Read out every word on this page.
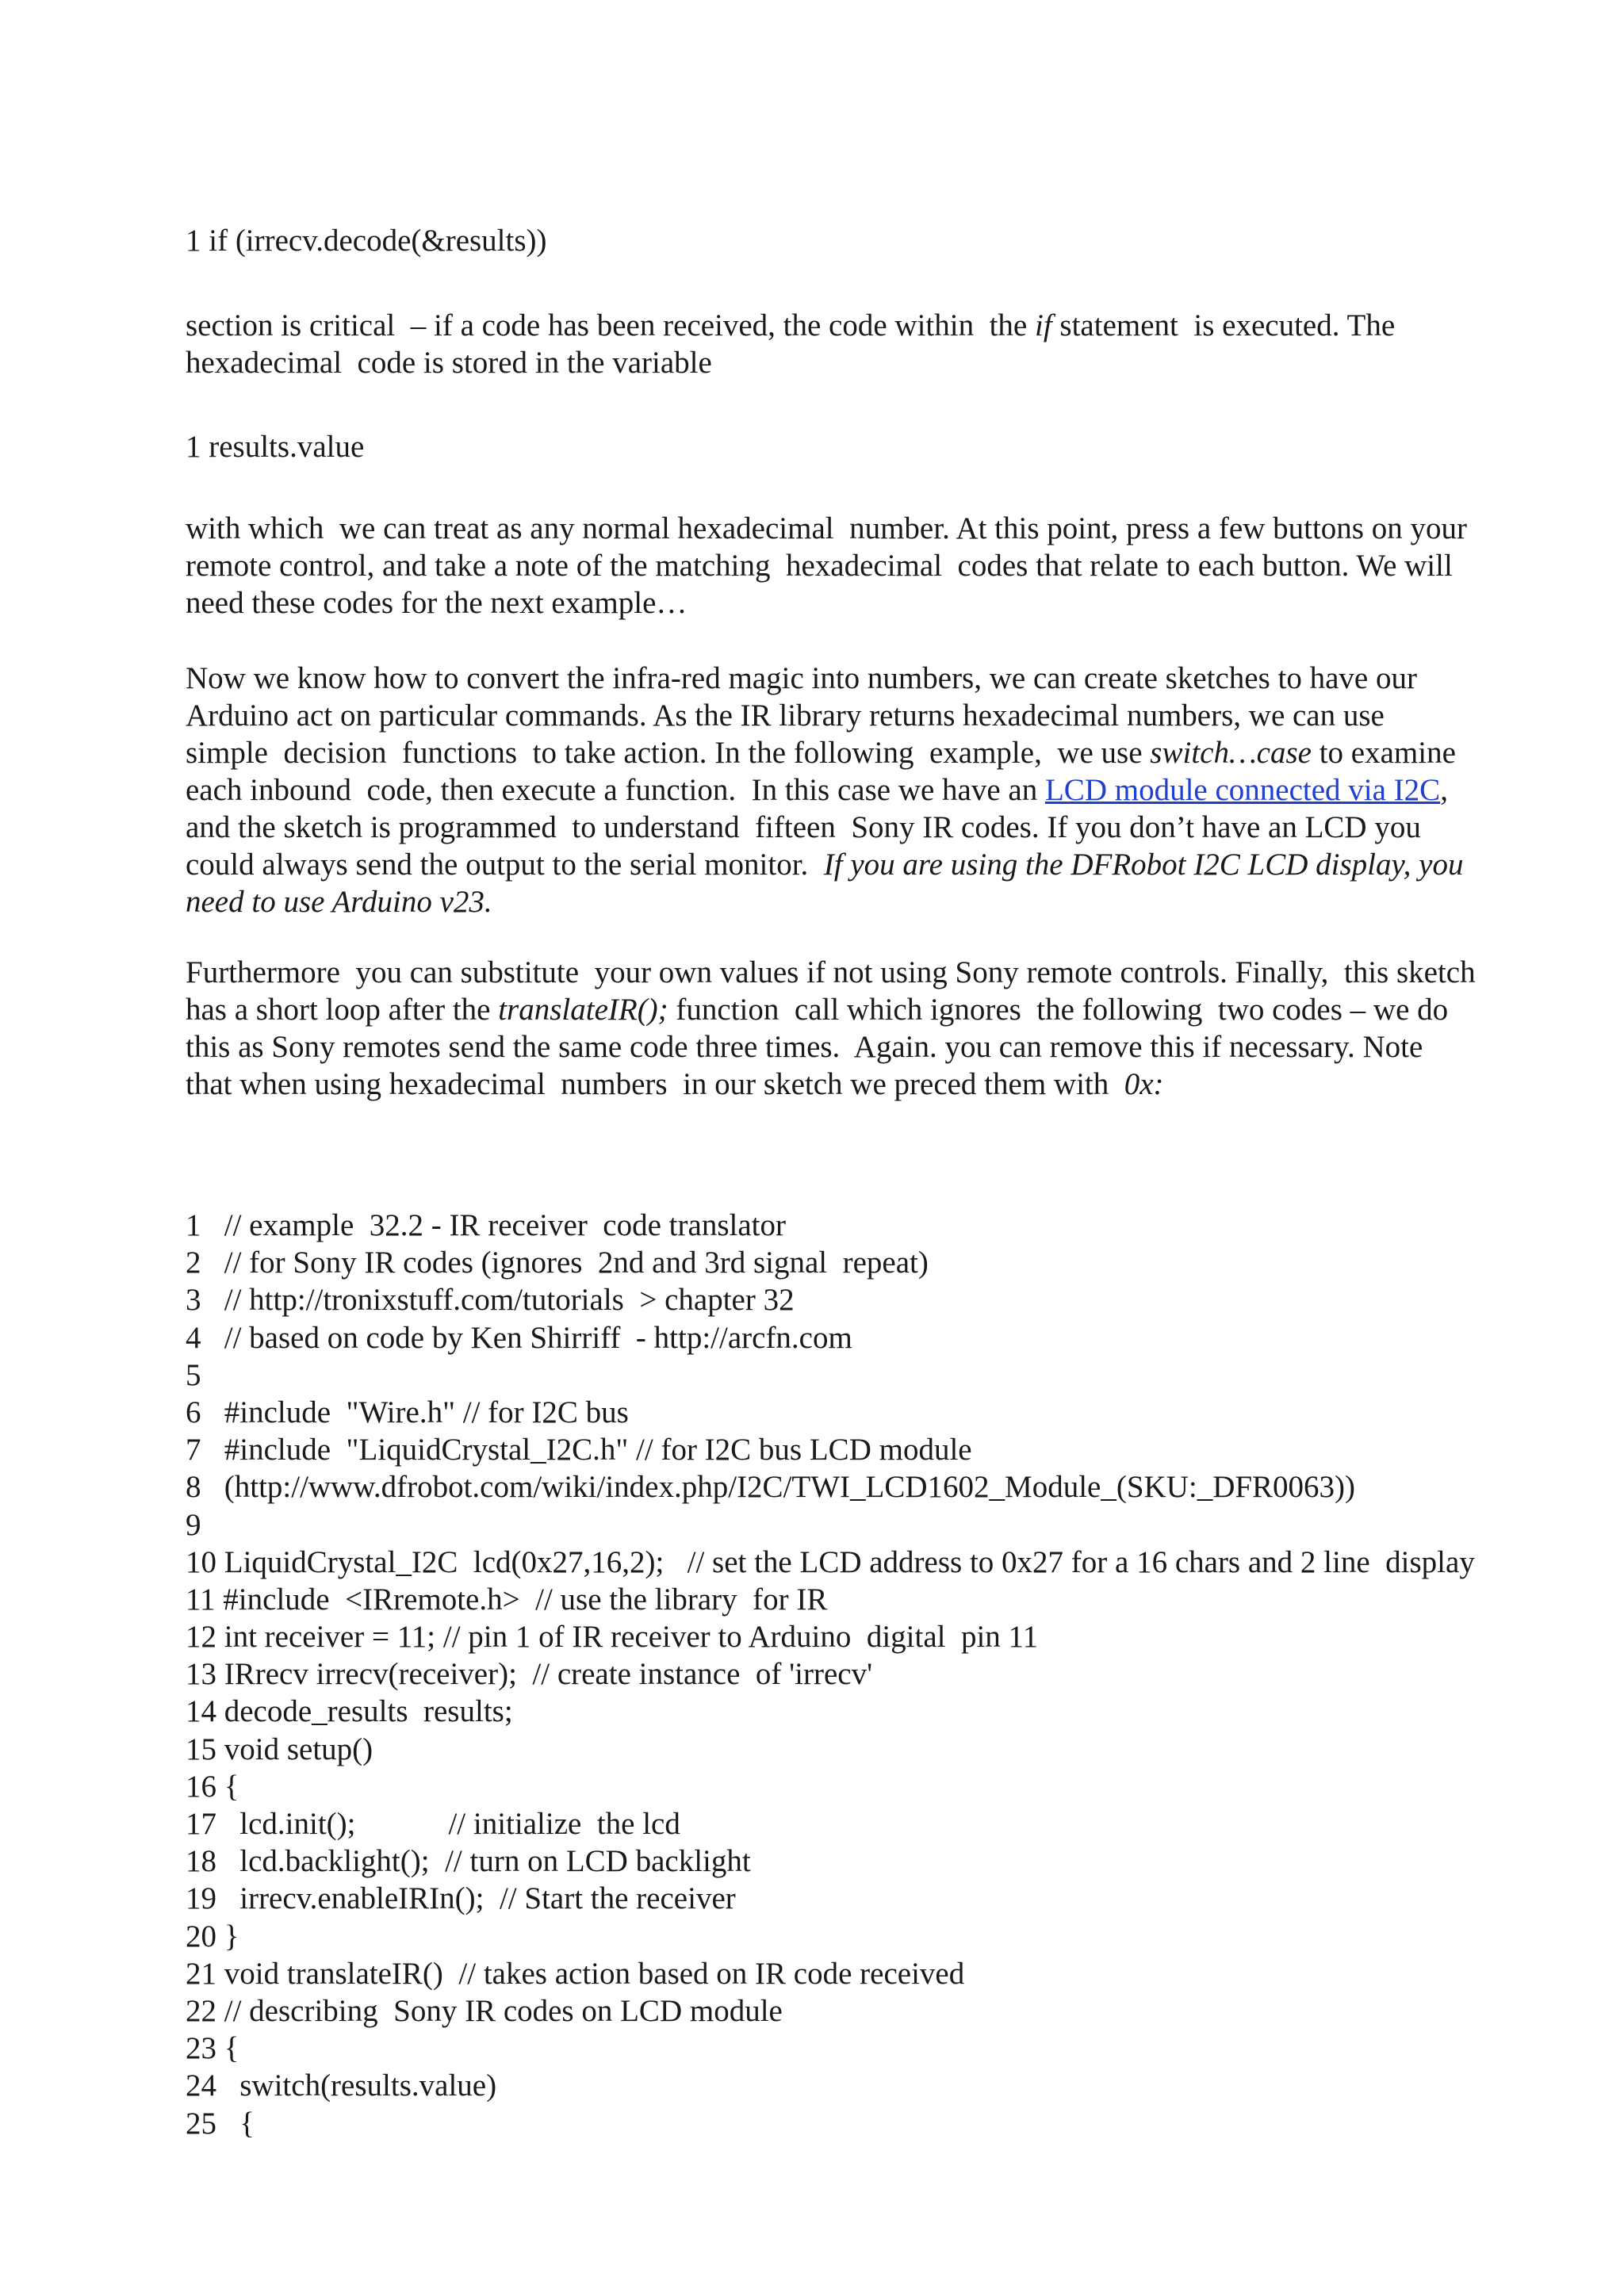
1 if (irrecv.decode(&results))
section is critical  – if a code has been received, the code within  the if statement  is executed. The
hexadecimal  code is stored in the variable
1 results.value
with which  we can treat as any normal hexadecimal  number. At this point, press a few buttons on your
remote control, and take a note of the matching  hexadecimal  codes that relate to each button. We will
need these codes for the next example…
Now we know how to convert the infra-red magic into numbers, we can create sketches to have our
Arduino act on particular commands. As the IR library returns hexadecimal numbers, we can use
simple  decision  functions  to take action. In the following  example,  we use switch…case to examine
each inbound  code, then execute a function.  In this case we have an LCD module connected via I2C,
and the sketch is programmed  to understand  fifteen  Sony IR codes. If you don’t have an LCD you
could always send the output to the serial monitor.  If you are using the DFRobot I2C LCD display, you
need to use Arduino v23.
Furthermore  you can substitute  your own values if not using Sony remote controls. Finally,  this sketch
has a short loop after the translateIR(); function  call which ignores  the following  two codes – we do
this as Sony remotes send the same code three times.  Again. you can remove this if necessary. Note
that when using hexadecimal  numbers  in our sketch we preced them with  0x:
1   // example  32.2 - IR receiver  code translator
2   // for Sony IR codes (ignores  2nd and 3rd signal  repeat)
3   // http://tronixstuff.com/tutorials  > chapter 32
4   // based on code by Ken Shirriff  - http://arcfn.com
5
6   #include  "Wire.h" // for I2C bus
7   #include  "LiquidCrystal_I2C.h" // for I2C bus LCD module
8   (http://www.dfrobot.com/wiki/index.php/I2C/TWI_LCD1602_Module_(SKU:_DFR0063))
9
10 LiquidCrystal_I2C  lcd(0x27,16,2);   // set the LCD address to 0x27 for a 16 chars and 2 line  display
11 #include  <IRremote.h>  // use the library  for IR
12 int receiver = 11; // pin 1 of IR receiver to Arduino  digital  pin 11
13 IRrecv irrecv(receiver);  // create instance  of 'irrecv'
14 decode_results  results;
15 void setup()
16 {
17   lcd.init();            // initialize  the lcd
18   lcd.backlight();  // turn on LCD backlight
19   irrecv.enableIRIn();  // Start the receiver
20 }
21 void translateIR()  // takes action based on IR code received
22 // describing  Sony IR codes on LCD module
23 {
24   switch(results.value)
25   {
